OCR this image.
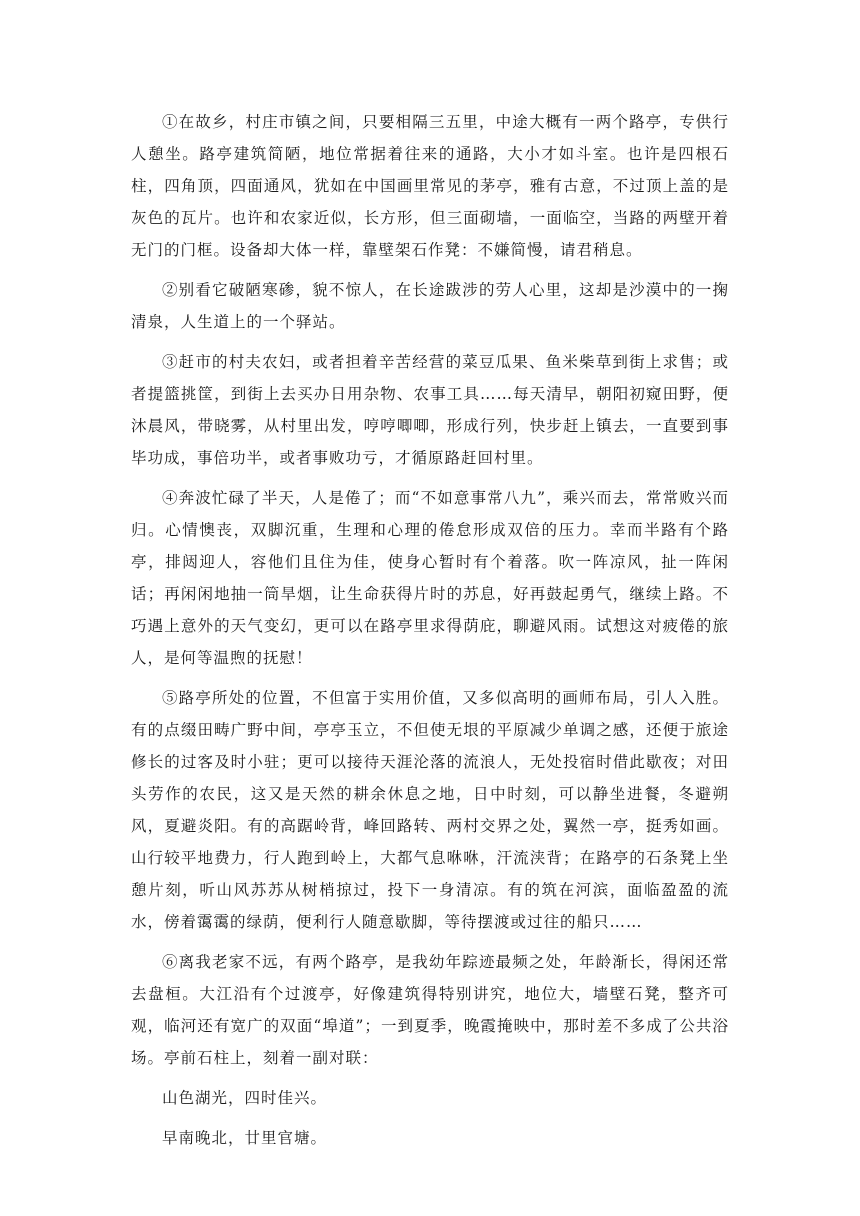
①在故乡，村庄市镇之间，只要相隔三五里，中途大概有一两个路亭，专供行人憩坐。路亭建筑简陋，地位常据着往来的通路，大小才如斗室。也许是四根石柱，四角顶，四面通风，犹如在中国画里常见的茅亭，雅有古意，不过顶上盖的是灰色的瓦片。也许和农家近似，长方形，但三面砌墙，一面临空，当路的两壁开着无门的门框。设备却大体一样，靠壁架石作凳：不嫌简慢，请君稍息。

②别看它破陋寒碜，貌不惊人，在长途跋涉的劳人心里，这却是沙漠中的一掬清泉，人生道上的一个驿站。

③赶市的村夫农妇，或者担着辛苦经营的菜豆瓜果、鱼米柴草到街上求售；或者提篮挑筐，到街上去买办日用杂物、农事工具……每天清早，朝阳初窥田野，便沐晨风，带晓雾，从村里出发，哼哼唧唧，形成行列，快步赶上镇去，一直要到事毕功成，事倍功半，或者事败功亏，才循原路赶回村里。

④奔波忙碌了半天，人是倦了；而“不如意事常八九”，乘兴而去，常常败兴而归。心情懊丧，双脚沉重，生理和心理的倦怠形成双倍的压力。幸而半路有个路亭，排闼迎人，容他们且住为佳，使身心暂时有个着落。吹一阵凉风，扯一阵闲话；再闲闲地抽一筒旱烟，让生命获得片时的苏息，好再鼓起勇气，继续上路。不巧遇上意外的天气变幻，更可以在路亭里求得荫庇，聊避风雨。试想这对疲倦的旅人，是何等温煦的抚慰！

⑤路亭所处的位置，不但富于实用价值，又多似高明的画师布局，引人入胜。有的点缀田畴广野中间，亭亭玉立，不但使无垠的平原减少单调之感，还便于旅途修长的过客及时小驻；更可以接待天涯沦落的流浪人，无处投宿时借此歇夜；对田头劳作的农民，这又是天然的耕余休息之地，日中时刻，可以静坐进餐，冬避朔风，夏避炎阳。有的高踞岭背，峰回路转、两村交界之处，翼然一亭，挺秀如画。山行较平地费力，行人跑到岭上，大都气息咻咻，汗流浃背；在路亭的石条凳上坐憩片刻，听山风苏苏从树梢掠过，投下一身清凉。有的筑在河滨，面临盈盈的流水，傍着霭霭的绿荫，便利行人随意歇脚，等待摆渡或过往的船只……

⑥离我老家不远，有两个路亭，是我幼年踪迹最频之处，年龄渐长，得闲还常去盘桓。大江沿有个过渡亭，好像建筑得特别讲究，地位大，墙壁石凳，整齐可观，临河还有宽广的双面“埠道”；一到夏季，晚霞掩映中，那时差不多成了公共浴场。亭前石柱上，刻着一副对联：

山色湖光，四时佳兴。

早南晚北，廿里官塘。
